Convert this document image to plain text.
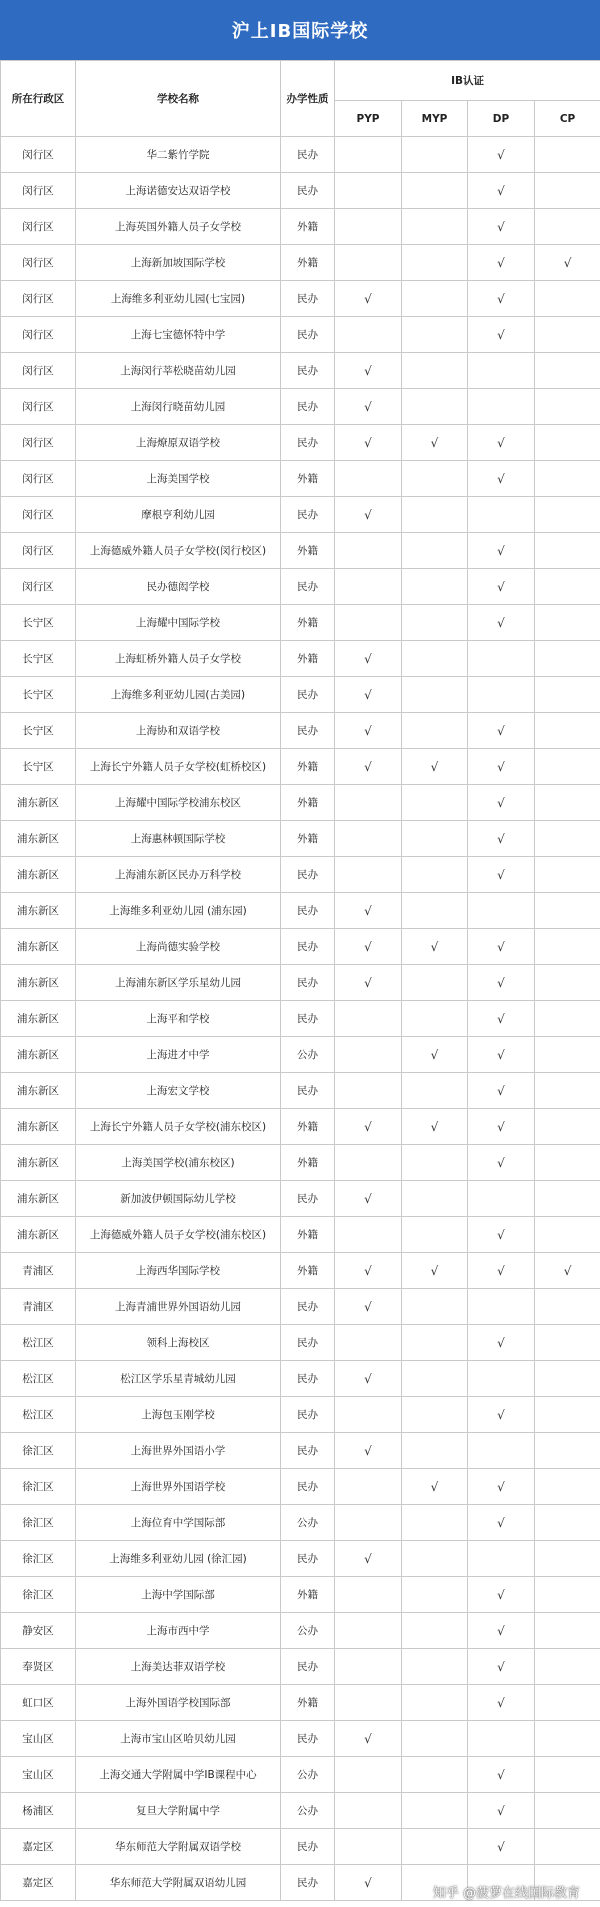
沪上IB国际学校
所在行政区	学校名称	办学性质	IB认证			
			PYP	MYP	DP	CP
闵行区	华二紫竹学院	民办			√	
闵行区	上海诺德安达双语学校	民办			√	
闵行区	上海英国外籍人员子女学校	外籍			√	
闵行区	上海新加坡国际学校	外籍			√	√
闵行区	上海维多利亚幼儿园(七宝园)	民办	√		√	
闵行区	上海七宝德怀特中学	民办			√	
闵行区	上海闵行莘松晓苗幼儿园	民办	√			
闵行区	上海闵行晓苗幼儿园	民办	√			
闵行区	上海燎原双语学校	民办	√	√	√	
闵行区	上海美国学校	外籍			√	
闵行区	摩根亨利幼儿园	民办	√			
闵行区	上海德威外籍人员子女学校(闵行校区)	外籍			√	
闵行区	民办德闳学校	民办			√	
长宁区	上海耀中国际学校	外籍			√	
长宁区	上海虹桥外籍人员子女学校	外籍	√			
长宁区	上海维多利亚幼儿园(古美园)	民办	√			
长宁区	上海协和双语学校	民办	√		√	
长宁区	上海长宁外籍人员子女学校(虹桥校区)	外籍	√	√	√	
浦东新区	上海耀中国际学校浦东校区	外籍			√	
浦东新区	上海惠林顿国际学校	外籍			√	
浦东新区	上海浦东新区民办万科学校	民办			√	
浦东新区	上海维多利亚幼儿园 (浦东园)	民办	√			
浦东新区	上海尚德实验学校	民办	√	√	√	
浦东新区	上海浦东新区学乐星幼儿园	民办	√		√	
浦东新区	上海平和学校	民办			√	
浦东新区	上海进才中学	公办		√	√	
浦东新区	上海宏文学校	民办			√	
浦东新区	上海长宁外籍人员子女学校(浦东校区)	外籍	√	√	√	
浦东新区	上海美国学校(浦东校区)	外籍			√	
浦东新区	新加波伊顿国际幼儿学校	民办	√			
浦东新区	上海德威外籍人员子女学校(浦东校区)	外籍			√	
青浦区	上海西华国际学校	外籍	√	√	√	√
青浦区	上海青浦世界外国语幼儿园	民办	√			
松江区	领科上海校区	民办			√	
松江区	松江区学乐星青城幼儿园	民办	√			
松江区	上海包玉刚学校	民办			√	
徐汇区	上海世界外国语小学	民办	√			
徐汇区	上海世界外国语学校	民办		√	√	
徐汇区	上海位育中学国际部	公办			√	
徐汇区	上海维多利亚幼儿园 (徐汇园)	民办	√			
徐汇区	上海中学国际部	外籍			√	
静安区	上海市西中学	公办			√	
奉贤区	上海美达菲双语学校	民办			√	
虹口区	上海外国语学校国际部	外籍			√	
宝山区	上海市宝山区哈贝幼儿园	民办	√			
宝山区	上海交通大学附属中学IB课程中心	公办			√	
杨浦区	复旦大学附属中学	公办			√	
嘉定区	华东师范大学附属双语学校	民办			√	
嘉定区	华东师范大学附属双语幼儿园	民办	√			
知乎 @菠萝在线国际教育
